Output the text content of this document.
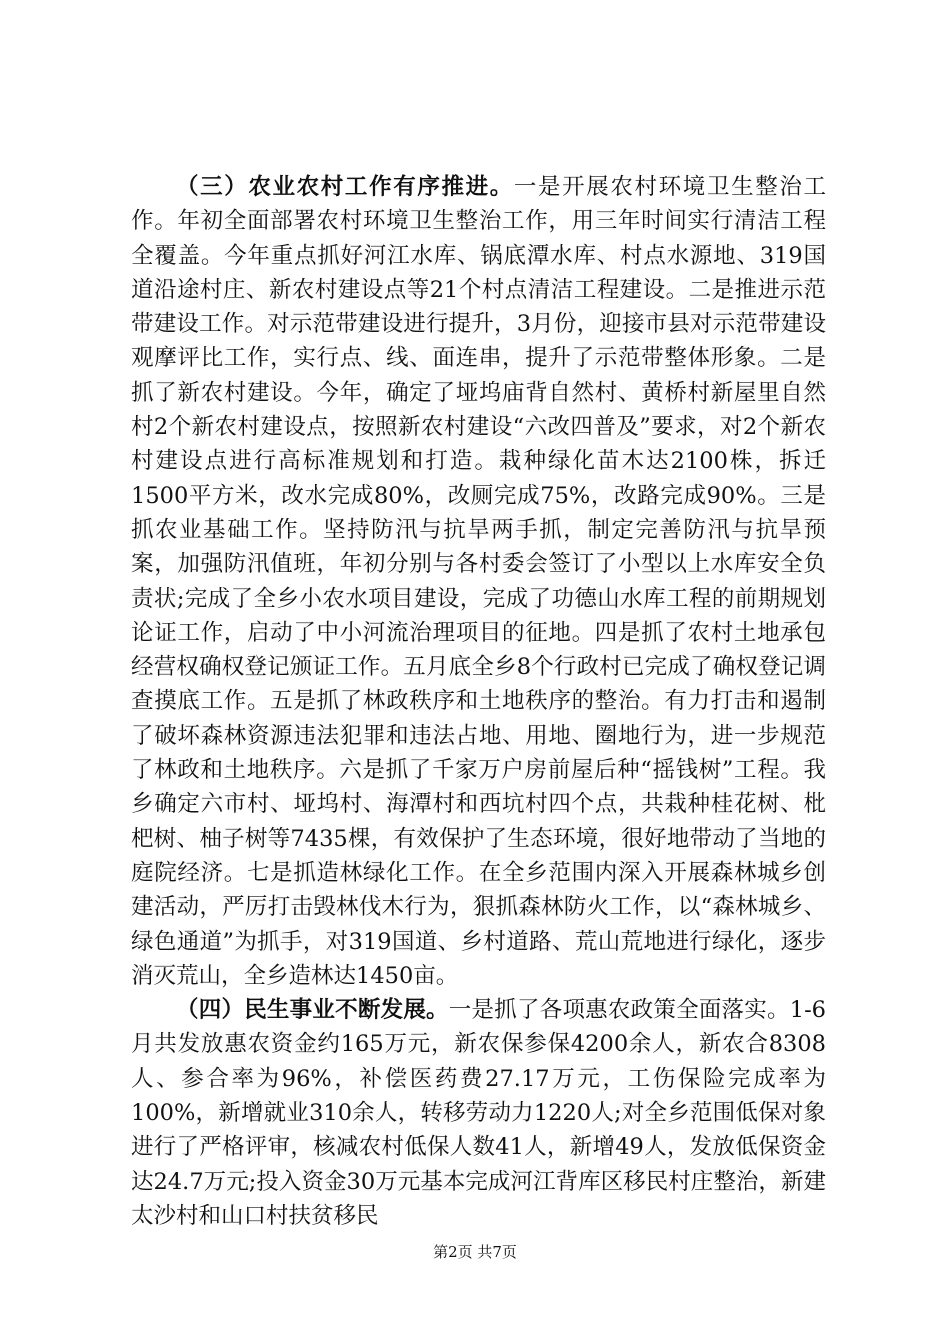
（三）农业农村工作有序推进。一是开展农村环境卫生整治工作。年初全面部署农村环境卫生整治工作，用三年时间实行清洁工程全覆盖。今年重点抓好河江水库、锅底潭水库、村点水源地、319国道沿途村庄、新农村建设点等21个村点清洁工程建设。二是推进示范带建设工作。对示范带建设进行提升，3月份，迎接市县对示范带建设观摩评比工作，实行点、线、面连串，提升了示范带整体形象。二是抓了新农村建设。今年，确定了垭坞庙背自然村、黄桥村新屋里自然村2个新农村建设点，按照新农村建设“六改四普及”要求，对2个新农村建设点进行高标准规划和打造。栽种绿化苗木达2100株，拆迁1500平方米，改水完成80%，改厕完成75%，改路完成90%。三是抓农业基础工作。坚持防汛与抗旱两手抓，制定完善防汛与抗旱预案，加强防汛值班，年初分别与各村委会签订了小型以上水库安全负责状;完成了全乡小农水项目建设，完成了功德山水库工程的前期规划论证工作，启动了中小河流治理项目的征地。四是抓了农村土地承包经营权确权登记颁证工作。五月底全乡8个行政村已完成了确权登记调查摸底工作。五是抓了林政秩序和土地秩序的整治。有力打击和遏制了破坏森林资源违法犯罪和违法占地、用地、圈地行为，进一步规范了林政和土地秩序。六是抓了千家万户房前屋后种“摇钱树”工程。我乡确定六市村、垭坞村、海潭村和西坑村四个点，共栽种桂花树、枇杷树、柚子树等7435棵，有效保护了生态环境，很好地带动了当地的庭院经济。七是抓造林绿化工作。在全乡范围内深入开展森林城乡创建活动，严厉打击毁林伐木行为，狠抓森林防火工作，以“森林城乡、绿色通道”为抓手，对319国道、乡村道路、荒山荒地进行绿化，逐步消灭荒山，全乡造林达1450亩。

（四）民生事业不断发展。一是抓了各项惠农政策全面落实。1-6月共发放惠农资金约165万元，新农保参保4200余人，新农合8308人、参合率为96%，补偿医药费27.17万元，工伤保险完成率为100%，新增就业310余人，转移劳动力1220人;对全乡范围低保对象进行了严格评审，核减农村低保人数41人，新增49人，发放低保资金达24.7万元;投入资金30万元基本完成河江背库区移民村庄整治，新建太沙村和山口村扶贫移民

第2页 共7页
